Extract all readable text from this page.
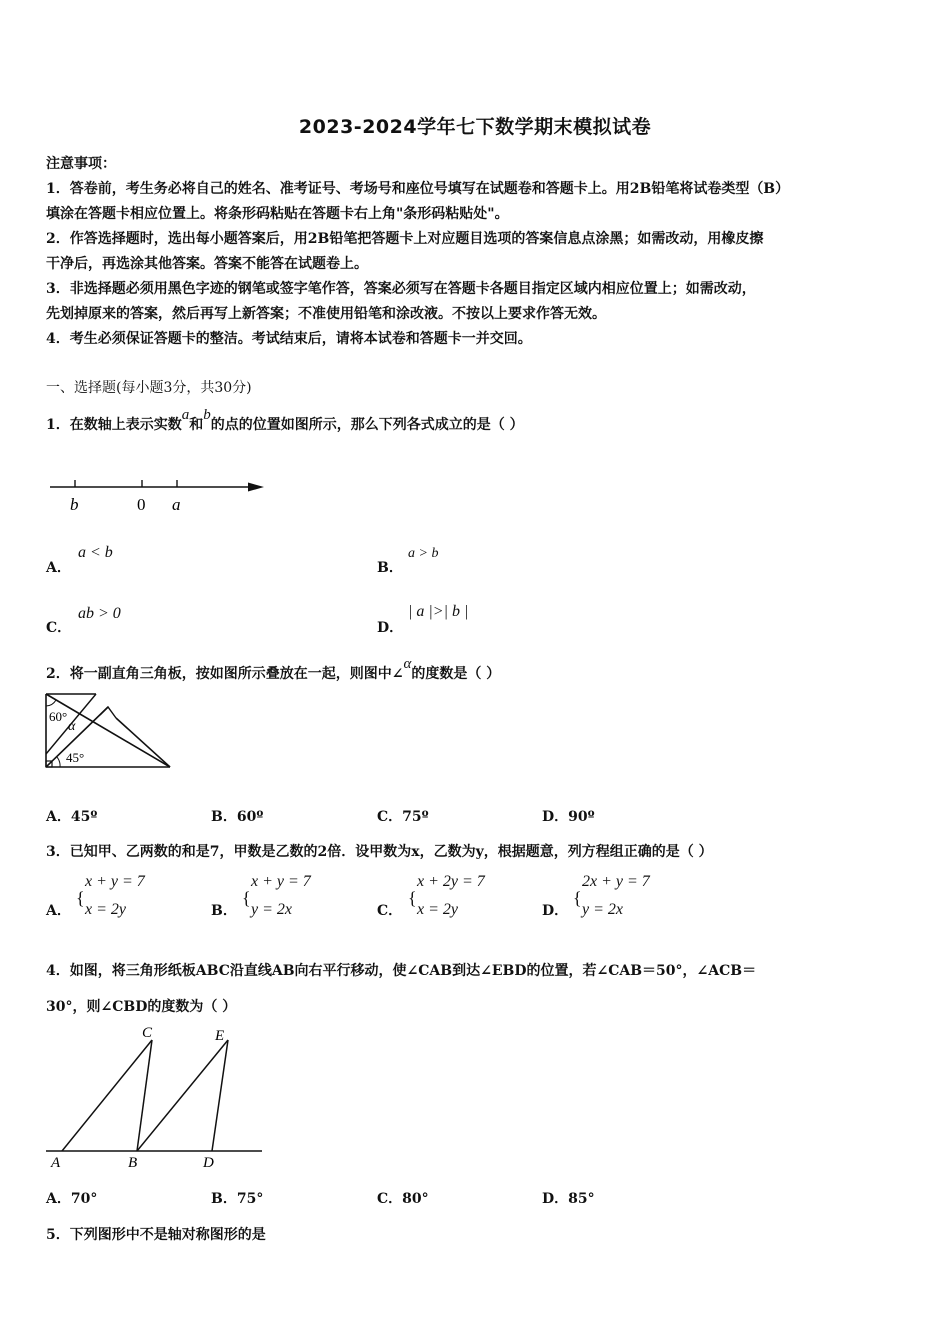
2023-2024学年七下数学期末模拟试卷
注意事项：
1．答卷前，考生务必将自己的姓名、准考证号、考场号和座位号填写在试题卷和答题卡上。用2B铅笔将试卷类型（B）
填涂在答题卡相应位置上。将条形码粘贴在答题卡右上角"条形码粘贴处"。
2．作答选择题时，选出每小题答案后，用2B铅笔把答题卡上对应题目选项的答案信息点涂黑；如需改动，用橡皮擦
干净后，再选涂其他答案。答案不能答在试题卷上。
3．非选择题必须用黑色字迹的钢笔或签字笔作答，答案必须写在答题卡各题目指定区域内相应位置上；如需改动，
先划掉原来的答案，然后再写上新答案；不准使用铅笔和涂改液。不按以上要求作答无效。
4．考生必须保证答题卡的整洁。考试结束后，请将本试卷和答题卡一并交回。
一、选择题(每小题3分，共30分)
1．在数轴上表示实数a和b的点的位置如图所示，那么下列各式成立的是（ ）
b	0 a
A．
a < b
B．
a > b
C．
ab > 0
D．
| a |>| b |
2．将一副直角三角板，按如图所示叠放在一起，则图中∠α的度数是（ ）
60°
α
45°
A．45º	B．60º	C．75º	D．90º
3．已知甲、乙两数的和是7，甲数是乙数的2倍．设甲数为x，乙数为y，根据题意，列方程组正确的是（ ）
A．
{
x + y = 7
x = 2y	B．
{
x + y = 7
y = 2x	C．
{
x + 2y = 7
x = 2y	D．
{
2x + y = 7
y = 2x
4．如图，将三角形纸板ABC沿直线AB向右平行移动，使∠CAB到达∠EBD的位置，若∠CAB＝50°，∠ACB＝
30°，则∠CBD的度数为（ ）
C	E
A	B	D
A．70°	B．75°	C．80°	D．85°
5．下列图形中不是轴对称图形的是
